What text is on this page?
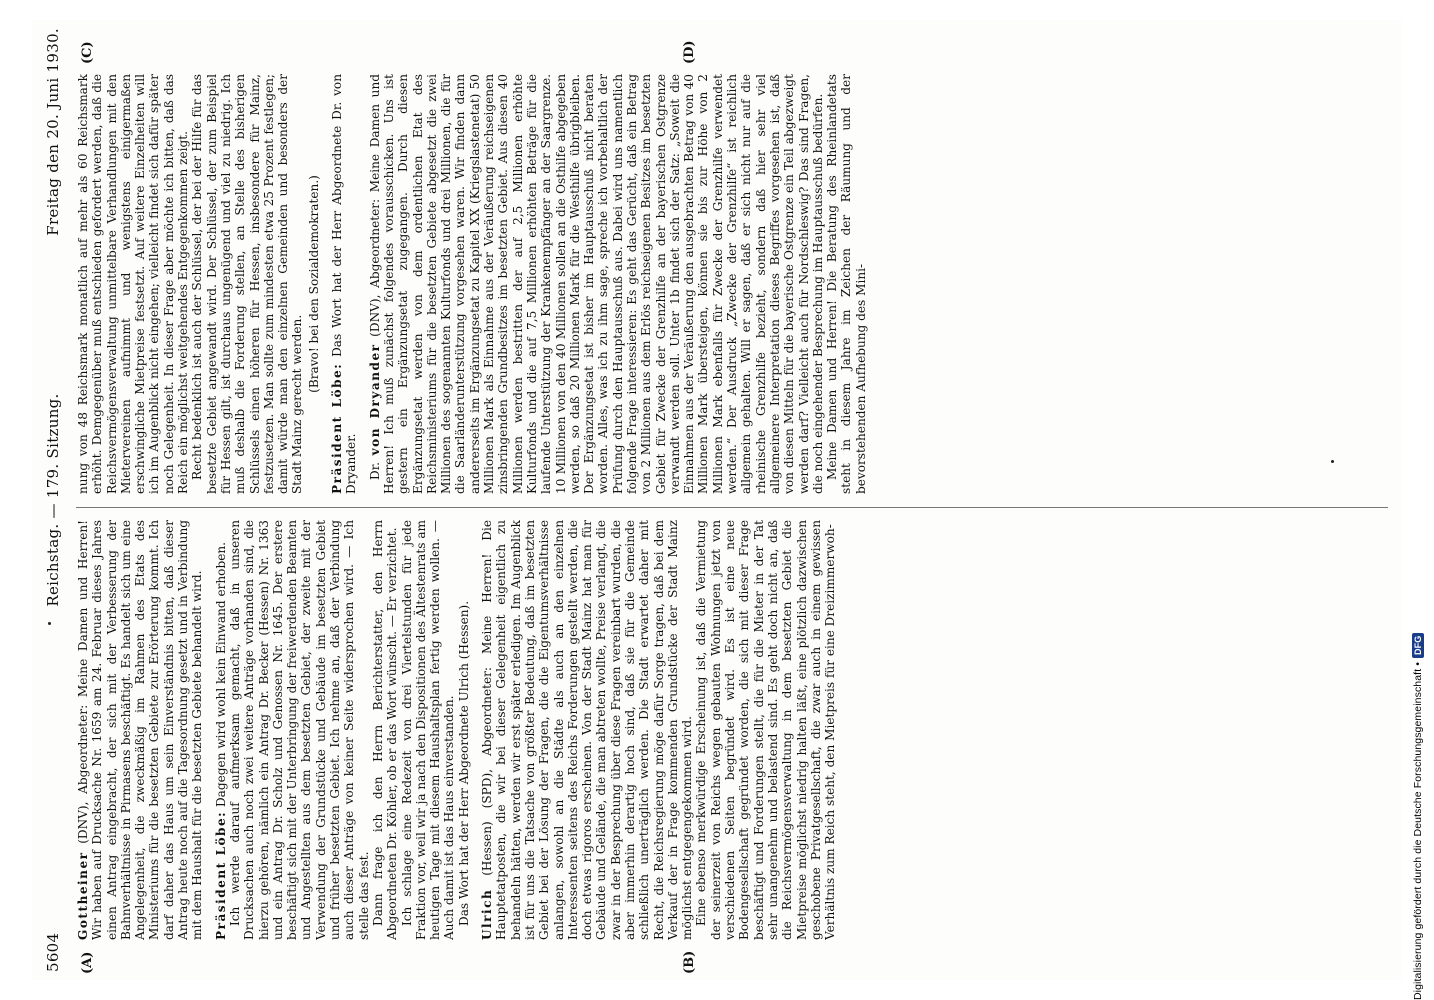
5604
Reichstag. — 179. Sitzung.
Freitag den 20. Juni 1930.
(A)	(B)
(C)	(D)

Gottheiner (DNV), Abgeordneter: Meine Damen und Herren! Wir haben auf Drucksache Nr. 1659 am 24. Februar dieses Jahres einen Antrag eingebracht, der sich mit der Verbesserung der Bahnverhältnisse in Pirmasens beschäftigt. Es handelt sich um eine Angelegenheit, die zweckmäßig im Rahmen des Etats des Ministeriums für die besetzten Gebiete zur Erörterung kommt. Ich darf daher das Haus um sein Einverständnis bitten, daß dieser Antrag heute noch auf die Tagesordnung gesetzt und in Verbindung mit dem Haushalt für die besetzten Gebiete behandelt wird. Präsident Löbe: Dagegen wird wohl kein Einwand erhoben. Ich werde darauf aufmerksam gemacht, daß in unseren Drucksachen auch noch zwei weitere Anträge vorhanden sind, die hierzu gehören, nämlich ein Antrag Dr. Becker (Hessen) Nr. 1363 und ein Antrag Dr. Scholz und Genossen Nr. 1645. Der erstere beschäftigt sich mit der Unterbringung der freiwerdenden Beamten und Angestellten aus dem besetzten Gebiet, der zweite mit der Verwendung der Grundstücke und Gebäude im besetzten Gebiet und früher besetzten Gebiet. Ich nehme an, daß der Verbindung auch dieser Anträge von keiner Seite widersprochen wird. — Ich stelle das fest. Dann frage ich den Herrn Berichterstatter, den Herrn Abgeordneten Dr. Köhler, ob er das Wort wünscht. — Er verzichtet. Ich schlage eine Redezeit von drei Viertelstunden für jede Fraktion vor, weil wir ja nach den Dispositionen des Ältestenrats am heutigen Tage mit diesem Haushaltsplan fertig werden wollen. — Auch damit ist das Haus einverstanden. Das Wort hat der Herr Abgeordnete Ulrich (Hessen). Ulrich (Hessen) (SPD), Abgeordneter: Meine Herren! Die Hauptetatposten, die wir bei dieser Gelegenheit eigentlich zu behandeln hätten, werden wir erst später erledigen. Im Augenblick ist für uns die Tatsache von größter Bedeutung, daß im besetzten Gebiet bei der Lösung der Fragen, die die Eigentumsverhältnisse anlangen, sowohl an die Städte als auch an den einzelnen Interessenten seitens des Reichs Forderungen gestellt werden, die doch etwas rigoros erscheinen. Von der Stadt Mainz hat man für Gebäude und Gelände, die man abtreten wollte, Preise verlangt, die zwar in der Besprechung über diese Fragen vereinbart wurden, die aber immerhin derartig hoch sind, daß sie für die Gemeinde schließlich unerträglich werden. Die Stadt erwartet daher mit Recht, die Reichsregierung möge dafür Sorge tragen, daß bei dem Verkauf der in Frage kommenden Grundstücke der Stadt Mainz möglichst entgegengekommen wird. Eine ebenso merkwürdige Erscheinung ist, daß die Vermietung der seinerzeit von Reichs wegen gebauten Wohnungen jetzt von verschiedenen Seiten begründet wird. Es ist eine neue Bodengesellschaft gegründet worden, die sich mit dieser Frage beschäftigt und Forderungen stellt, die für die Mieter in der Tat sehr unangenehm und belastend sind. Es geht doch nicht an, daß die Reichsvermögensverwaltung in dem besetzten Gebiet die Mietpreise möglichst niedrig halten läßt, eine plötzlich dazwischen geschobene Privatgesellschaft, die zwar auch in einem gewissen Verhältnis zum Reich steht, den Mietpreis für eine Dreizimmerwoh-

nung von 48 Reichsmark monatlich auf mehr als 60 Reichsmark erhöht. Demgegenüber muß entschieden gefordert werden, daß die Reichsvermögensverwaltung unmittelbare Verhandlungen mit den Mietervereinen aufnimmt und wenigstens einigermaßen erschwingliche Mietpreise festsetzt. Auf weitere Einzelheiten will ich im Augenblick nicht eingehen; vielleicht findet sich dafür später noch Gelegenheit. In dieser Frage aber möchte ich bitten, daß das Reich ein möglichst weitgehendes Entgegenkommen zeigt. Recht bedenklich ist auch der Schlüssel, der bei der Hilfe für das besetzte Gebiet angewandt wird. Der Schlüssel, der zum Beispiel für Hessen gilt, ist durchaus ungenügend und viel zu niedrig. Ich muß deshalb die Forderung stellen, an Stelle des bisherigen Schlüssels einen höheren für Hessen, insbesondere für Mainz, festzusetzen. Man sollte zum mindesten etwa 25 Prozent festlegen; damit würde man den einzelnen Gemeinden und besonders der Stadt Mainz gerecht werden.

(Bravo! bei den Sozialdemokraten.)

Präsident Löbe: Das Wort hat der Herr Abgeordnete Dr. von Dryander. Dr. von Dryander (DNV), Abgeordneter: Meine Damen und Herren! Ich muß zunächst folgendes vorausschicken. Uns ist gestern ein Ergänzungsetat zugegangen. Durch diesen Ergänzungsetat werden von dem ordentlichen Etat des Reichsministeriums für die besetzten Gebiete abgesetzt die zwei Millionen des sogenannten Kulturfonds und drei Millionen, die für die Saarländerunterstützung vorgesehen waren. Wir finden dann andererseits im Ergänzungsetat zu Kapitel XX (Kriegslastenetat) 50 Millionen Mark als Einnahme aus der Veräußerung reichseigenen zinsbringenden Grundbesitzes im besetzten Gebiet. Aus diesen 40 Millionen werden bestritten der auf 2,5 Millionen erhöhte Kulturfonds und die auf 7,5 Millionen erhöhten Beträge für die laufende Unterstützung der Krankenempfänger an der Saargrenze. 10 Millionen von den 40 Millionen sollen an die Osthilfe abgegeben werden, so daß 20 Millionen Mark für die Westhilfe übrigbleiben. Der Ergänzungsetat ist bisher im Hauptausschuß nicht beraten worden. Alles, was ich zu ihm sage, spreche ich vorbehaltlich der Prüfung durch den Hauptausschuß aus. Dabei wird uns namentlich folgende Frage interessieren: Es geht das Gerücht, daß ein Betrag von 2 Millionen aus dem Erlös reichseigenen Besitzes im besetzten Gebiet für Zwecke der Grenzhilfe an der bayerischen Ostgrenze verwandt werden soll. Unter 1b findet sich der Satz: „Soweit die Einnahmen aus der Veräußerung den ausgebrachten Betrag von 40 Millionen Mark übersteigen, können sie bis zur Höhe von 2 Millionen Mark ebenfalls für Zwecke der Grenzhilfe verwendet werden.“ Der Ausdruck „Zwecke der Grenzhilfe“ ist reichlich allgemein gehalten. Will er sagen, daß er sich nicht nur auf die rheinische Grenzhilfe bezieht, sondern daß hier sehr viel allgemeinere Interpretation dieses Begriffes vorgesehen ist, daß von diesen Mitteln für die bayerische Ostgrenze ein Teil abgezweigt werden darf? Vielleicht auch für Nordschleswig? Das sind Fragen, die noch eingehender Besprechung im Hauptausschuß bedürfen. Meine Damen und Herren! Die Beratung des Rheinlandetats steht in diesem Jahre im Zeichen der Räumung und der bevorstehenden Aufhebung des Mini-

Digitalisierung gefördert durch die Deutsche Forschungsgemeinschaft •
DFG
